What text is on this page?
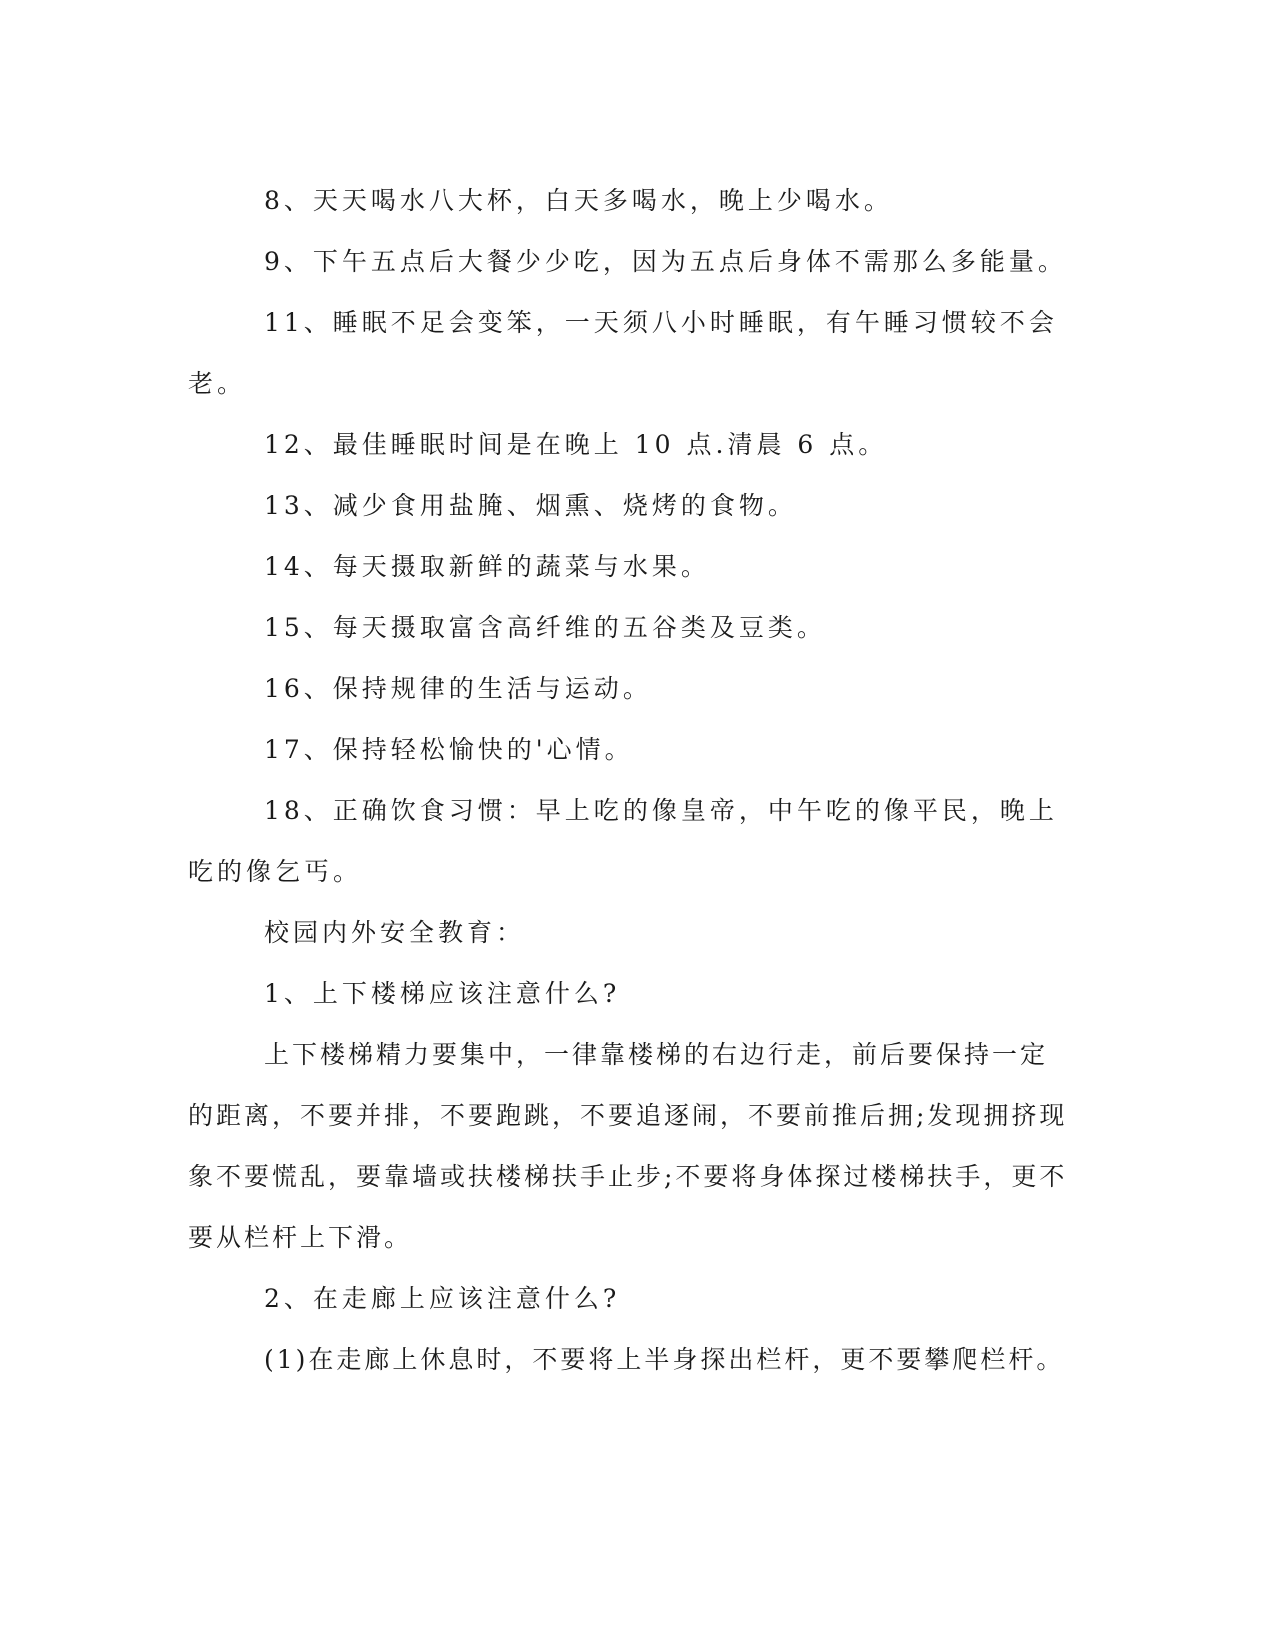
8、天天喝水八大杯，白天多喝水，晚上少喝水。

9、下午五点后大餐少少吃，因为五点后身体不需那么多能量。

11、睡眠不足会变笨，一天须八小时睡眠，有午睡习惯较不会老。

12、最佳睡眠时间是在晚上 10 点.清晨 6 点。

13、减少食用盐腌、烟熏、烧烤的食物。

14、每天摄取新鲜的蔬菜与水果。

15、每天摄取富含高纤维的五谷类及豆类。

16、保持规律的生活与运动。

17、保持轻松愉快的'心情。

18、正确饮食习惯：早上吃的像皇帝，中午吃的像平民，晚上吃的像乞丐。

校园内外安全教育：

1、上下楼梯应该注意什么?

上下楼梯精力要集中，一律靠楼梯的右边行走，前后要保持一定的距离，不要并排，不要跑跳，不要追逐闹，不要前推后拥;发现拥挤现象不要慌乱，要靠墙或扶楼梯扶手止步;不要将身体探过楼梯扶手，更不要从栏杆上下滑。

2、在走廊上应该注意什么?

(1)在走廊上休息时，不要将上半身探出栏杆，更不要攀爬栏杆。
